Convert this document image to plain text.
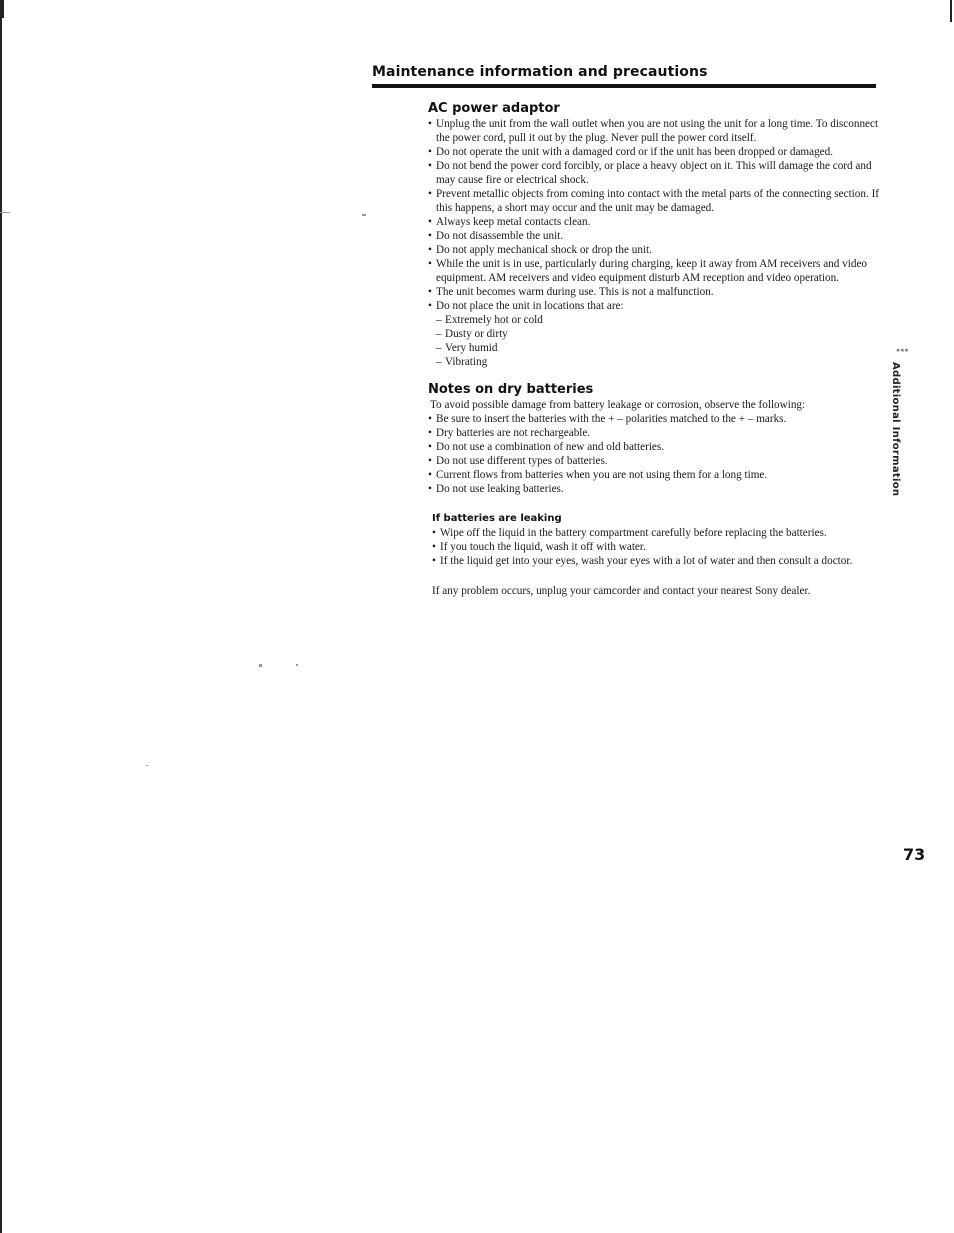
Maintenance information and precautions
AC power adaptor
• Unplug the unit from the wall outlet when you are not using the unit for a long time. To disconnect the power cord, pull it out by the plug. Never pull the power cord itself.
• Do not operate the unit with a damaged cord or if the unit has been dropped or damaged.
• Do not bend the power cord forcibly, or place a heavy object on it. This will damage the cord and may cause fire or electrical shock.
• Prevent metallic objects from coming into contact with the metal parts of the connecting section. If this happens, a short may occur and the unit may be damaged.
• Always keep metal contacts clean.
• Do not disassemble the unit.
• Do not apply mechanical shock or drop the unit.
• While the unit is in use, particularly during charging, keep it away from AM receivers and video equipment. AM receivers and video equipment disturb AM reception and video operation.
• The unit becomes warm during use. This is not a malfunction.
• Do not place the unit in locations that are:
– Extremely hot or cold
– Dusty or dirty
– Very humid
– Vibrating
Notes on dry batteries

To avoid possible damage from battery leakage or corrosion, observe the following:

• Be sure to insert the batteries with the + – polarities matched to the + – marks.
• Dry batteries are not rechargeable.
• Do not use a combination of new and old batteries.
• Do not use different types of batteries.
• Current flows from batteries when you are not using them for a long time.
• Do not use leaking batteries.
If batteries are leaking
• Wipe off the liquid in the battery compartment carefully before replacing the batteries.
• If you touch the liquid, wash it off with water.
• If the liquid get into your eyes, wash your eyes with a lot of water and then consult a doctor.

If any problem occurs, unplug your camcorder and contact your nearest Sony dealer.

▪▪▪
Additional Information
73
